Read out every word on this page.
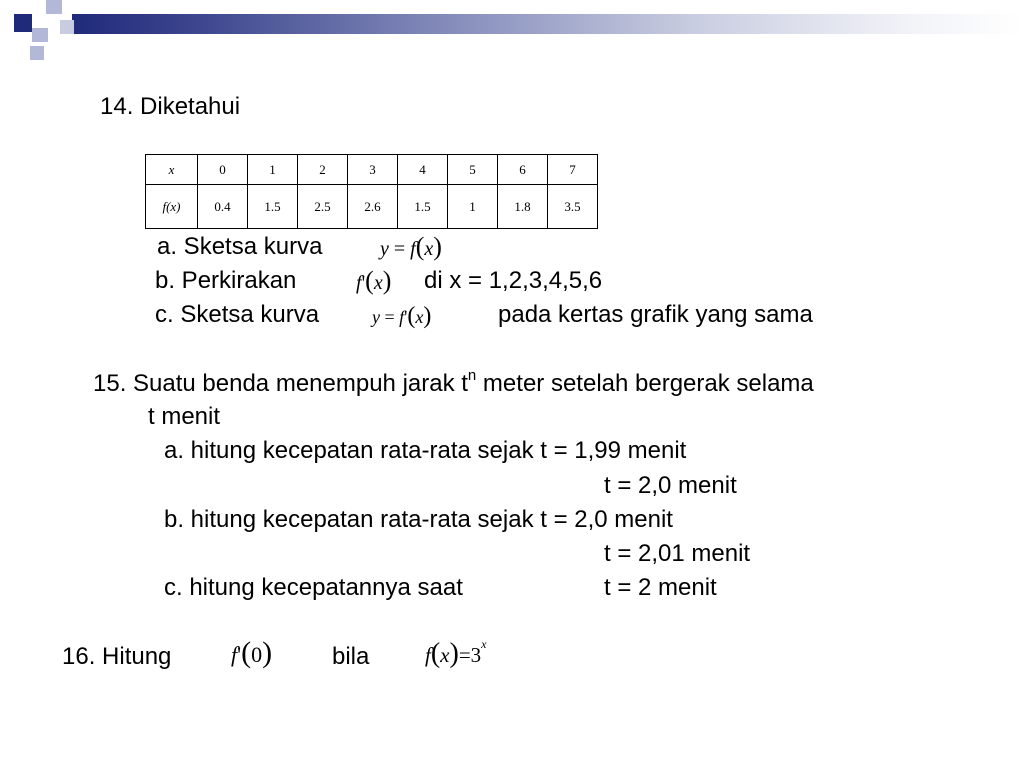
14. Diketahui
x	0	1	2	3	4	5	6	7
f(x)	0.4	1.5	2.5	2.6	1.5	1	1.8	3.5
a. Sketsa kurva	y = f(x)
b. Perkirakan	f'(x) di x = 1,2,3,4,5,6
c. Sketsa kurva	y = f'(x)	pada kertas grafik yang sama
15. Suatu benda menempuh jarak $t^n$ meter setelah bergerak selama
t menit
a. hitung kecepatan rata-rata sejak t = 1,99 menit
t = 2,0 menit
b. hitung kecepatan rata-rata sejak t = 2,0 menit
t = 2,01 menit
c. hitung kecepatannya saat	t = 2 menit
16. Hitung	f'(0) bila	$f(x)=3^x$
